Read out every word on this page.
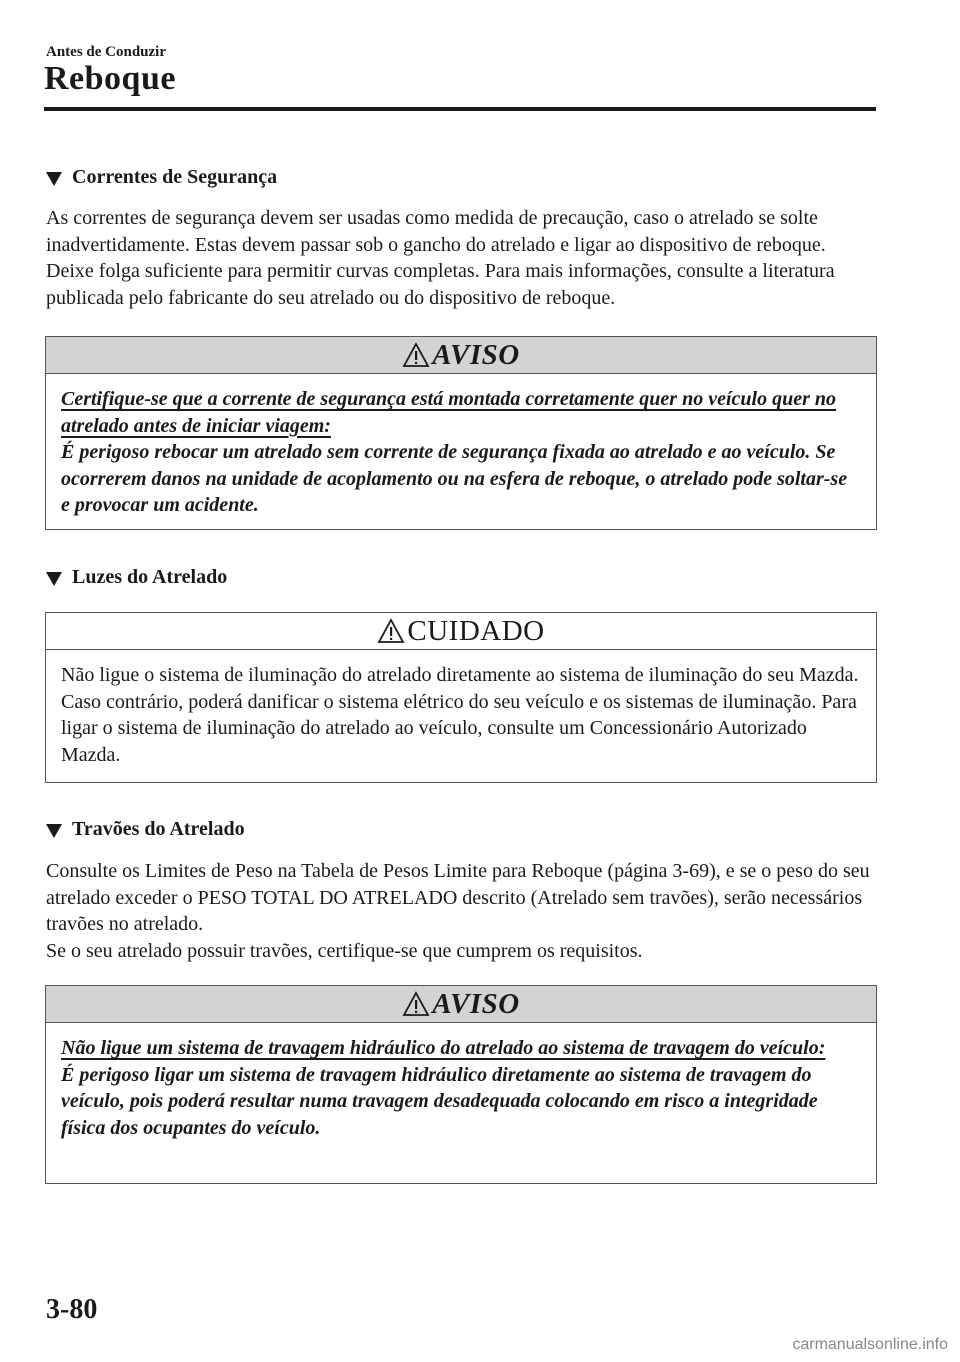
Antes de Conduzir
Reboque
Correntes de Segurança

As correntes de segurança devem ser usadas como medida de precaução, caso o atrelado se solte inadvertidamente. Estas devem passar sob o gancho do atrelado e ligar ao dispositivo de reboque. Deixe folga suficiente para permitir curvas completas. Para mais informações, consulte a literatura publicada pelo fabricante do seu atrelado ou do dispositivo de reboque.

AVISO

Certifique-se que a corrente de segurança está montada corretamente quer no veículo quer no atrelado antes de iniciar viagem:

É perigoso rebocar um atrelado sem corrente de segurança fixada ao atrelado e ao veículo. Se ocorrerem danos na unidade de acoplamento ou na esfera de reboque, o atrelado pode soltar-se e provocar um acidente.

Luzes do Atrelado
CUIDADO

Não ligue o sistema de iluminação do atrelado diretamente ao sistema de iluminação do seu Mazda. Caso contrário, poderá danificar o sistema elétrico do seu veículo e os sistemas de iluminação. Para ligar o sistema de iluminação do atrelado ao veículo, consulte um Concessionário Autorizado Mazda.

Travões do Atrelado

Consulte os Limites de Peso na Tabela de Pesos Limite para Reboque (página 3-69), e se o peso do seu atrelado exceder o PESO TOTAL DO ATRELADO descrito (Atrelado sem travões), serão necessários travões no atrelado.

Se o seu atrelado possuir travões, certifique-se que cumprem os requisitos.

AVISO

Não ligue um sistema de travagem hidráulico do atrelado ao sistema de travagem do veículo:

É perigoso ligar um sistema de travagem hidráulico diretamente ao sistema de travagem do veículo, pois poderá resultar numa travagem desadequada colocando em risco a integridade física dos ocupantes do veículo.

3-80
carmanualsonline.info
